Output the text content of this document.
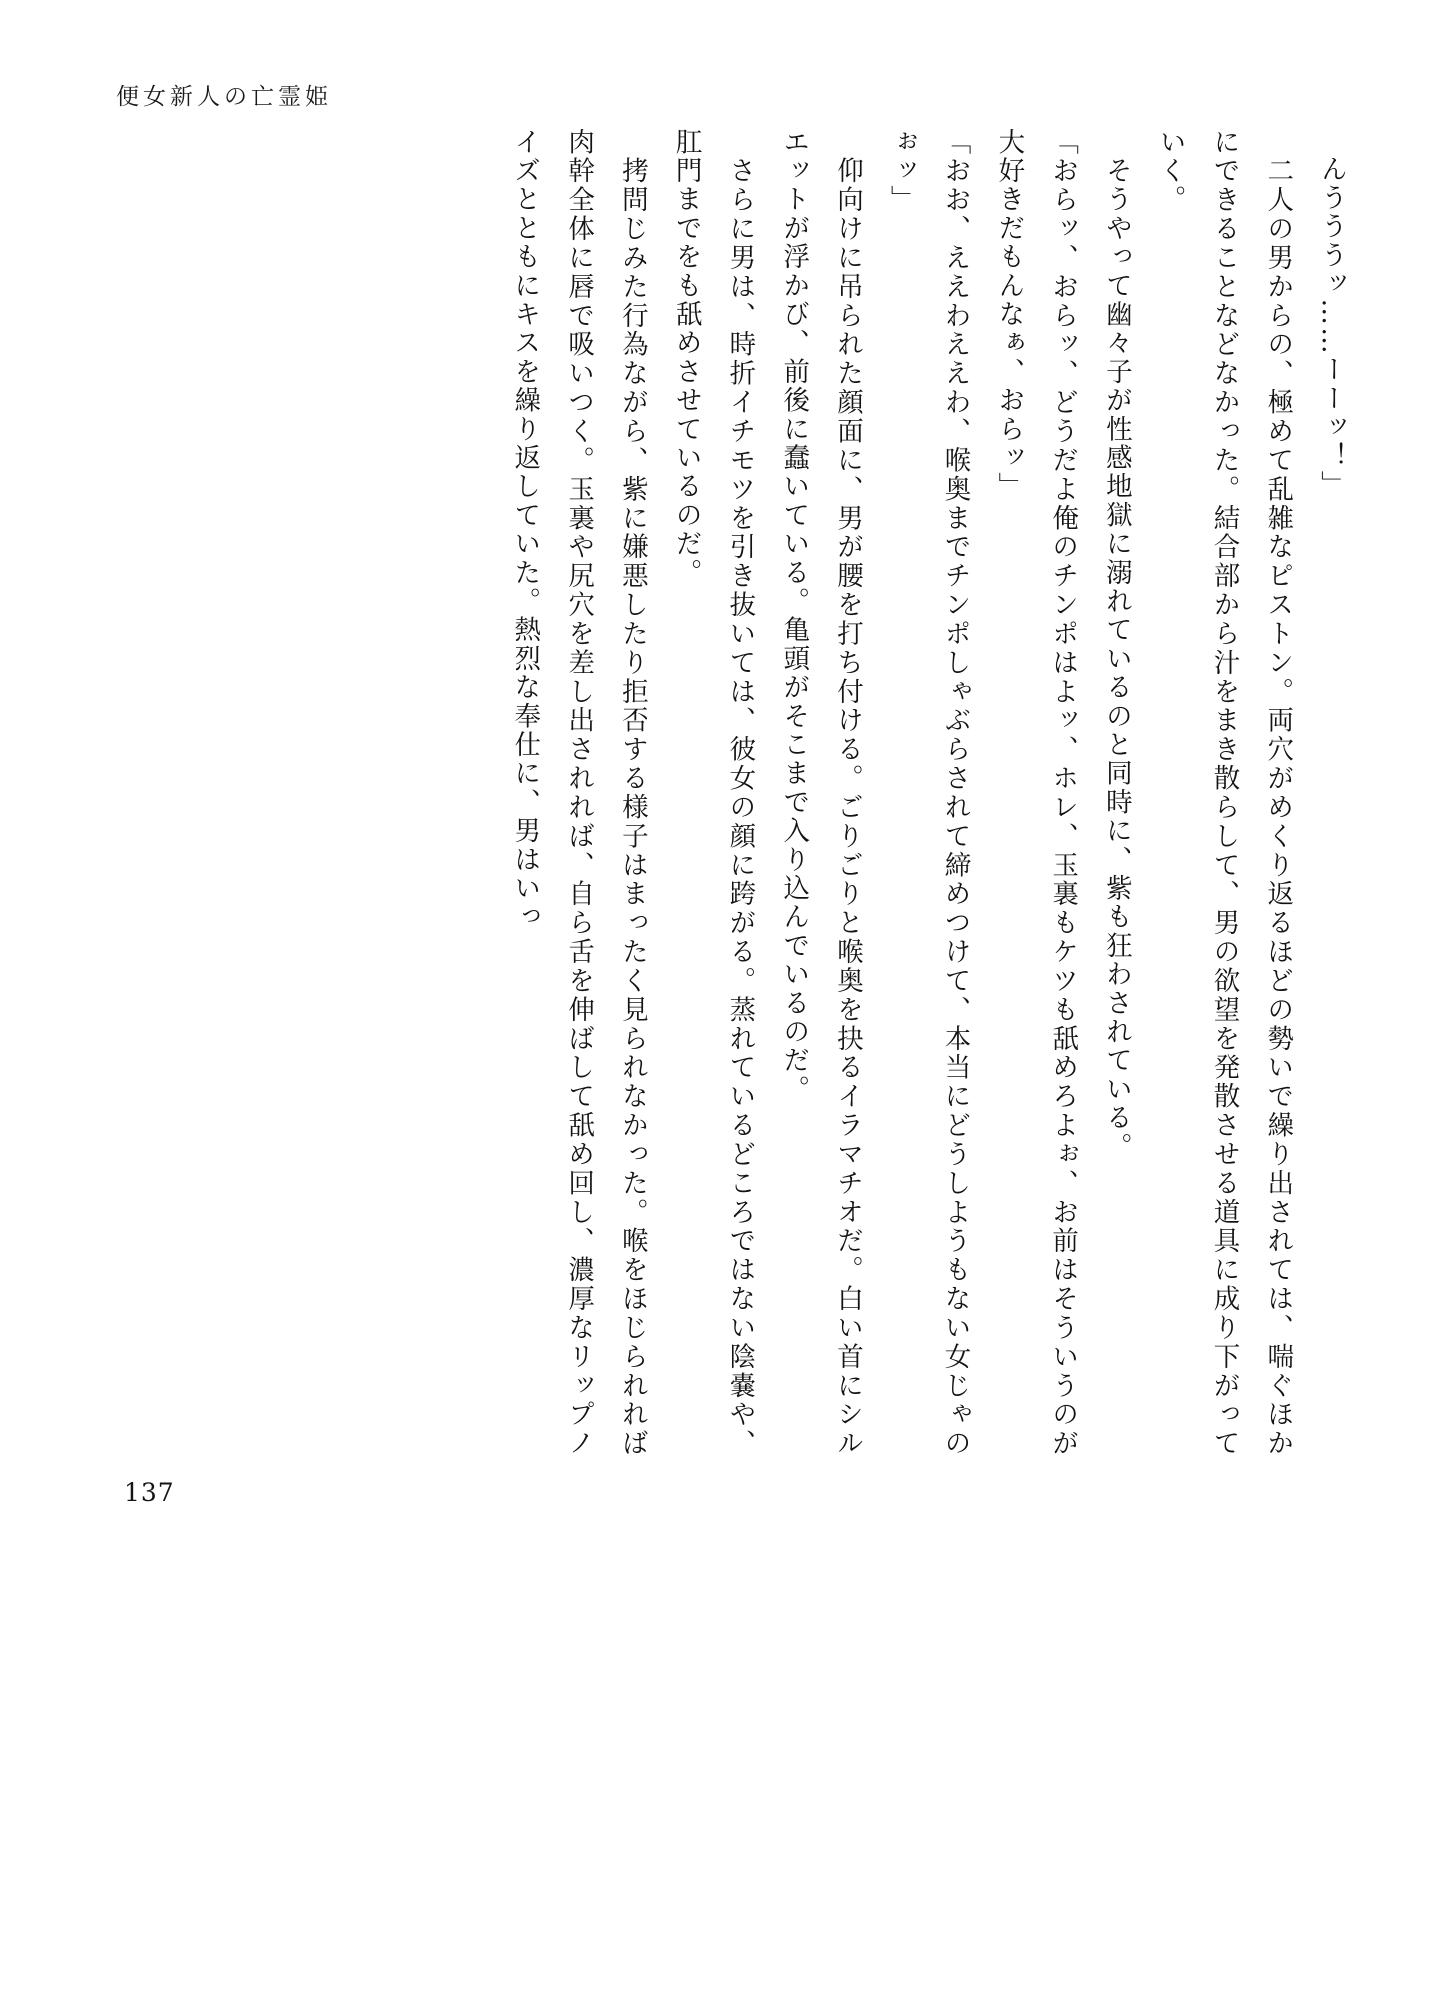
便女新人の亡霊姫

んうううッ……ーーッ！」

　二人の男からの、極めて乱雑なピストン。両穴がめくり返るほどの勢いで繰り出されては、喘ぐほかにできることなどなかった。結合部から汁をまき散らして、男の欲望を発散させる道具に成り下がっていく。

　そうやって幽々子が性感地獄に溺れているのと同時に、紫も狂わされている。

「おらッ、おらッ、どうだよ俺のチンポはよッ、ホレ、玉裏もケツも舐めろよぉ、お前はそういうのが大好きだもんなぁ、おらッ」

「おお、ええわええわ、喉奥までチンポしゃぶらされて締めつけて、本当にどうしようもない女じゃのぉッ」

　仰向けに吊られた顔面に、男が腰を打ち付ける。ごりごりと喉奥を抉るイラマチオだ。白い首にシルエットが浮かび、前後に蠢いている。亀頭がそこまで入り込んでいるのだ。

　さらに男は、時折イチモツを引き抜いては、彼女の顔に跨がる。蒸れているどころではない陰嚢や、肛門までをも舐めさせているのだ。

　拷問じみた行為ながら、紫に嫌悪したり拒否する様子はまったく見られなかった。喉をほじられれば肉幹全体に唇で吸いつく。玉裏や尻穴を差し出されれば、自ら舌を伸ばして舐め回し、濃厚なリップノイズとともにキスを繰り返していた。熱烈な奉仕に、男はいっ

137
